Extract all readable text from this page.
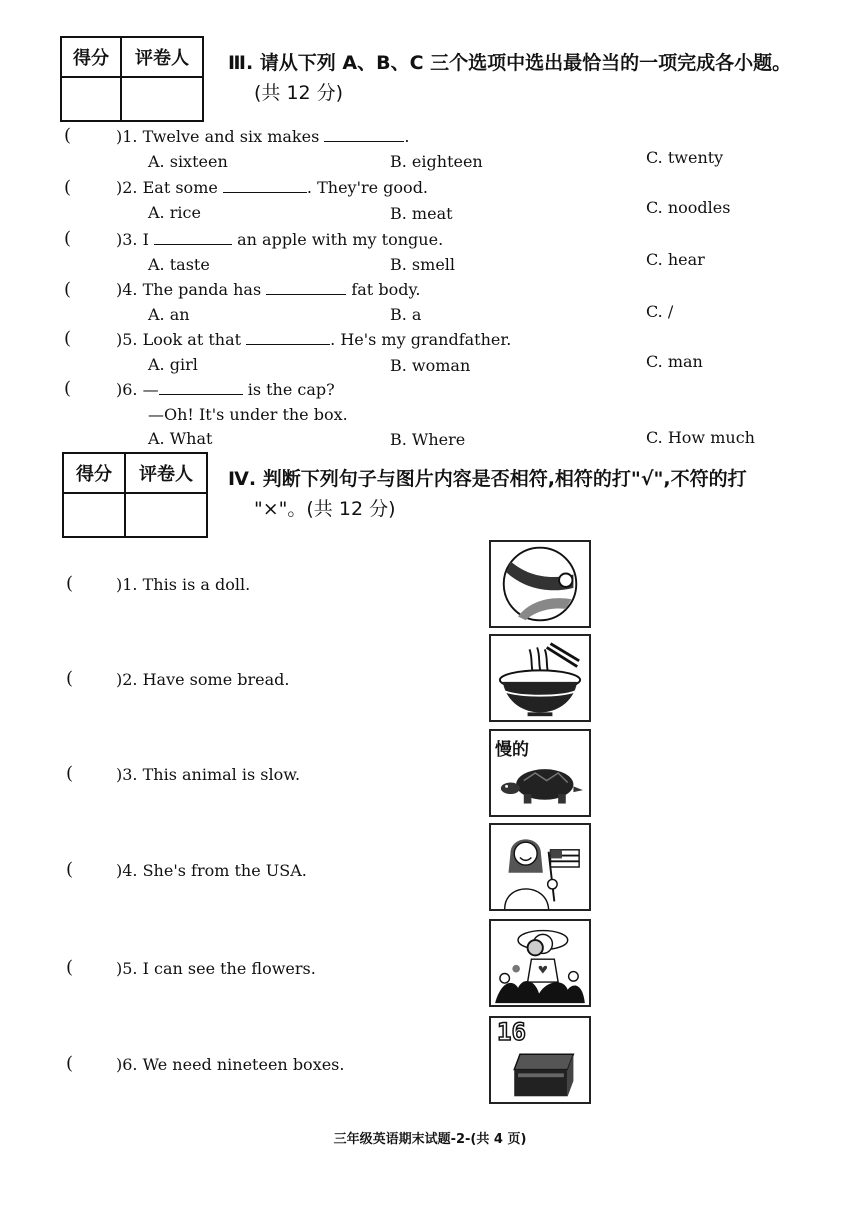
得分	评卷人
	Ⅲ. 请从下列 A、B、C 三个选项中选出最恰当的一项完成各小题。
(共 12 分)
(	)1. Twelve and six makes	.
A. sixteen	B. eighteen	C. twenty
(	)2. Eat some	. They're good.
A. rice	B. meat	C. noodles
(	)3. I	an apple with my tongue.
A. taste	B. smell	C. hear
(	)4. The panda has	fat body.
A. an	B. a	C. /
(	)5. Look at that	. He's my grandfather.
A. girl	B. woman	C. man
(	)6. —	is the cap?
—Oh! It's under the box.
A. What	B. Where	C. How much
得分	评卷人
	Ⅳ. 判断下列句子与图片内容是否相符,相符的打"√",不符的打
"×"。(共 12 分)
(	)1. This is a doll.
(	)2. Have some bread.
(	)3. This animal is slow.
慢的
(	)4. She's from the USA.
(	)5. I can see the flowers.
(	)6. We need nineteen boxes.
16
三年级英语期末试题-2-(共 4 页)
